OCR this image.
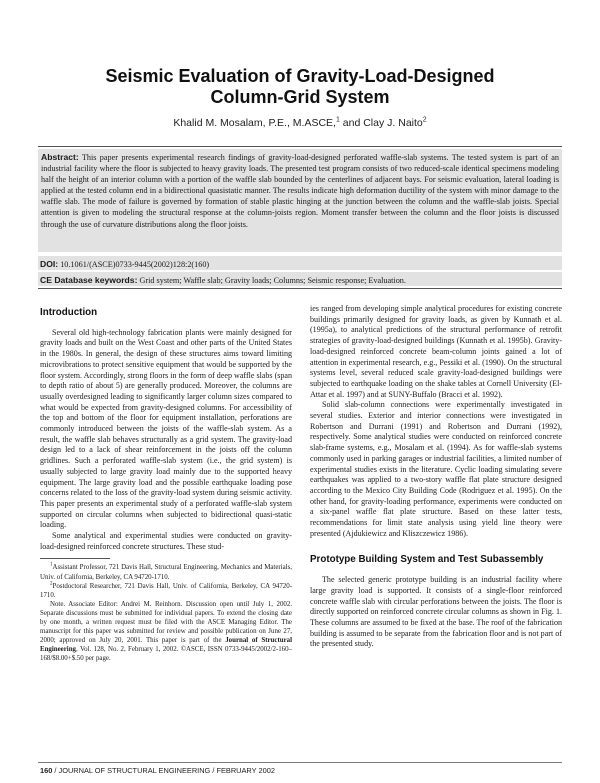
Seismic Evaluation of Gravity-Load-Designed
Column-Grid System
Khalid M. Mosalam, P.E., M.ASCE,$^1$ and Clay J. Naito$^2$
Abstract: This paper presents experimental research findings of gravity-load-designed perforated waffle-slab systems. The tested system is part of an industrial facility where the floor is subjected to heavy gravity loads. The presented test program consists of two reduced-scale identical specimens modeling half the height of an interior column with a portion of the waffle slab bounded by the centerlines of adjacent bays. For seismic evaluation, lateral loading is applied at the tested column end in a bidirectional quasistatic manner. The results indicate high deformation ductility of the system with minor damage to the waffle slab. The mode of failure is governed by formation of stable plastic hinging at the junction between the column and the waffle-slab joists. Special attention is given to modeling the structural response at the column-joists region. Moment transfer between the column and the floor joists is discussed through the use of curvature distributions along the floor joists.
DOI: 10.1061/(ASCE)0733-9445(2002)128:2(160)
CE Database keywords: Grid system; Waffle slab; Gravity loads; Columns; Seismic response; Evaluation.
Introduction

Several old high-technology fabrication plants were mainly designed for gravity loads and built on the West Coast and other parts of the United States in the 1980s. In general, the design of these structures aims toward limiting microvibrations to protect sensitive equipment that would be supported by the floor system. Accordingly, strong floors in the form of deep waffle slabs (span to depth ratio of about 5) are generally produced. Moreover, the columns are usually overdesigned leading to significantly larger column sizes compared to what would be expected from gravity-designed columns. For accessibility of the top and bottom of the floor for equipment installation, perforations are commonly introduced between the joists of the waffle-slab system. As a result, the waffle slab behaves structurally as a grid system. The gravity-load design led to a lack of shear reinforcement in the joists off the column gridlines. Such a perforated waffle-slab system (i.e., the grid system) is usually subjected to large gravity load mainly due to the supported heavy equipment. The large gravity load and the possible earthquake loading pose concerns related to the loss of the gravity-load system during seismic activity. This paper presents an experimental study of a perforated waffle-slab system supported on circular columns when subjected to bidirectional quasi-static loading.

Some analytical and experimental studies were conducted on gravity-load-designed reinforced concrete structures. These stud-

$^1$Assistant Professor, 721 Davis Hall, Structural Engineering, Mechanics and Materials, Univ. of California, Berkeley, CA 94720-1710.

$^2$Postdoctoral Researcher, 721 Davis Hall, Univ. of California, Berkeley, CA 94720-1710.

Note. Associate Editor: Andrei M. Reinhorn. Discussion open until July 1, 2002. Separate discussions must be submitted for individual papers. To extend the closing date by one month, a written request must be filed with the ASCE Managing Editor. The manuscript for this paper was submitted for review and possible publication on June 27, 2000; approved on July 20, 2001. This paper is part of the Journal of Structural Engineering, Vol. 128, No. 2, February 1, 2002. ©ASCE, ISSN 0733-9445/2002/2-160–168/$8.00+$.50 per page.

ies ranged from developing simple analytical procedures for existing concrete buildings primarily designed for gravity loads, as given by Kunnath et al. (1995a), to analytical predictions of the structural performance of retrofit strategies of gravity-load-designed buildings (Kunnath et al. 1995b). Gravity-load-designed reinforced concrete beam-column joints gained a lot of attention in experimental research, e.g., Pessiki et al. (1990). On the structural systems level, several reduced scale gravity-load-designed buildings were subjected to earthquake loading on the shake tables at Cornell University (El-Attar et al. 1997) and at SUNY-Buffalo (Bracci et al. 1992).

Solid slab-column connections were experimentally investigated in several studies. Exterior and interior connections were investigated in Robertson and Durrani (1991) and Robertson and Durrani (1992), respectively. Some analytical studies were conducted on reinforced concrete slab-frame systems, e.g., Mosalam et al. (1994). As for waffle-slab systems commonly used in parking garages or industrial facilities, a limited number of experimental studies exists in the literature. Cyclic loading simulating severe earthquakes was applied to a two-story waffle flat plate structure designed according to the Mexico City Building Code (Rodriguez et al. 1995). On the other hand, for gravity-loading performance, experiments were conducted on a six-panel waffle flat plate structure. Based on these latter tests, recommendations for limit state analysis using yield line theory were presented (Ajdukiewicz and Kliszczewicz 1986).

Prototype Building System and Test Subassembly

The selected generic prototype building is an industrial facility where large gravity load is supported. It consists of a single-floor reinforced concrete waffle slab with circular perforations between the joists. The floor is directly supported on reinforced concrete circular columns as shown in Fig. 1. These columns are assumed to be fixed at the base. The roof of the fabrication building is assumed to be separate from the fabrication floor and is not part of the presented study.

160 / JOURNAL OF STRUCTURAL ENGINEERING / FEBRUARY 2002
